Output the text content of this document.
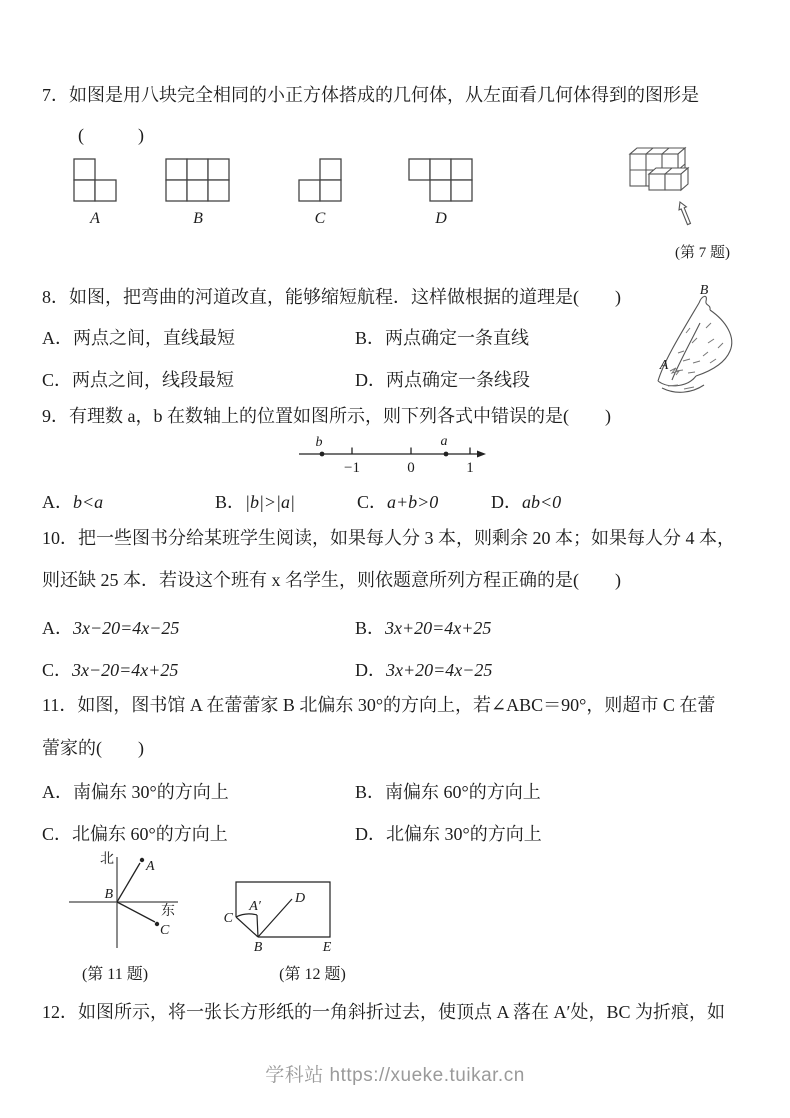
7．如图是用八块完全相同的小正方体搭成的几何体，从左面看几何体得到的图形是
(　　)
A	B	C	D
(第 7 题)
8．如图，把弯曲的河道改直，能够缩短航程．这样做根据的道理是(　　)
A．两点之间，直线最短	B．两点确定一条直线
C．两点之间，线段最短	D．两点确定一条线段
B
A
9．有理数 a，b 在数轴上的位置如图所示，则下列各式中错误的是(　　)
b	a
−1	0	1
A．b<a	B．|b|>|a|	C．a+b>0	D．ab<0
10．把一些图书分给某班学生阅读，如果每人分 3 本，则剩余 20 本；如果每人分 4 本，
则还缺 25 本．若设这个班有 x 名学生，则依题意所列方程正确的是(　　)
A．3x−20=4x−25	B．3x+20=4x+25
C．3x−20=4x+25	D．3x+20=4x−25
11．如图，图书馆 A 在蕾蕾家 B 北偏东 30°的方向上，若∠ABC＝90°，则超市 C 在蕾
蕾家的(　　)
A．南偏东 30°的方向上	B．南偏东 60°的方向上
C．北偏东 60°的方向上	D．北偏东 30°的方向上
北
东
B
A
C
(第 11 题)
C
A′
B	E
D
(第 12 题)
12．如图所示，将一张长方形纸的一角斜折过去，使顶点 A 落在 A′处，BC 为折痕，如
学科站 https://xueke.tuikar.cn
